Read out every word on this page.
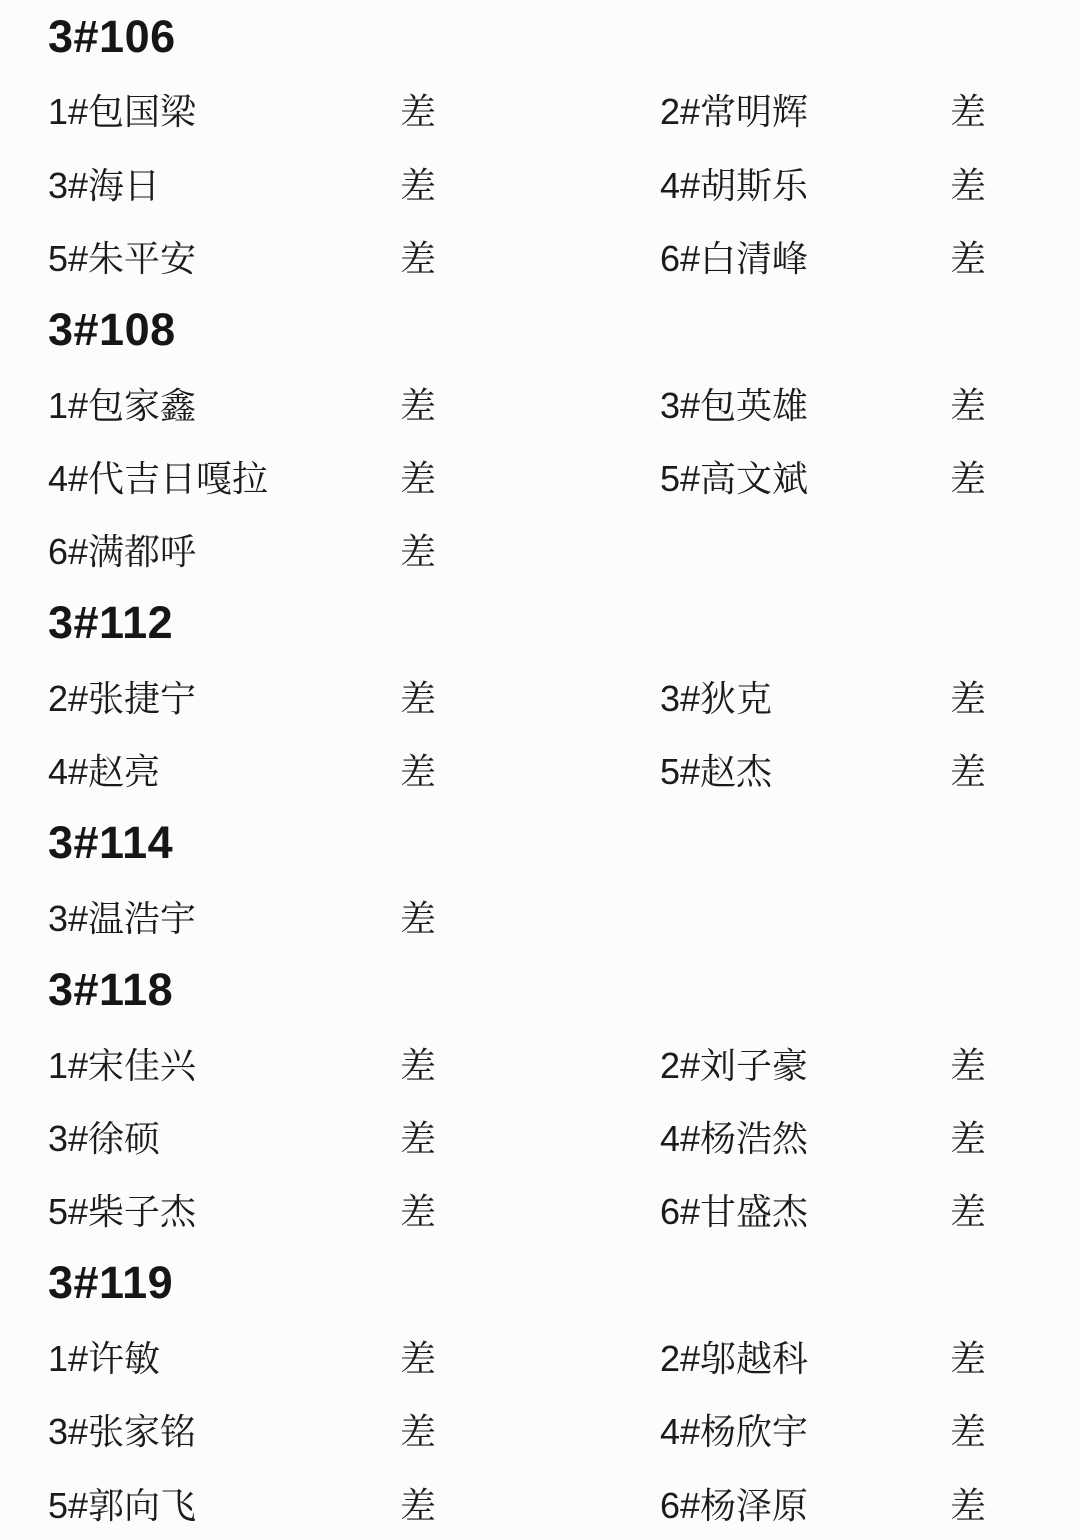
3#106
1#包国梁	差	2#常明辉	差
3#海日	差	4#胡斯乐	差
5#朱平安	差	6#白清峰	差
3#108
1#包家鑫	差	3#包英雄	差
4#代吉日嘎拉	差	5#高文斌	差
6#满都呼	差
3#112
2#张捷宁	差	3#狄克	差
4#赵亮	差	5#赵杰	差
3#114
3#温浩宇	差
3#118
1#宋佳兴	差	2#刘子豪	差
3#徐硕	差	4#杨浩然	差
5#柴子杰	差	6#甘盛杰	差
3#119
1#许敏	差	2#邬越科	差
3#张家铭	差	4#杨欣宇	差
5#郭向飞	差	6#杨泽原	差
